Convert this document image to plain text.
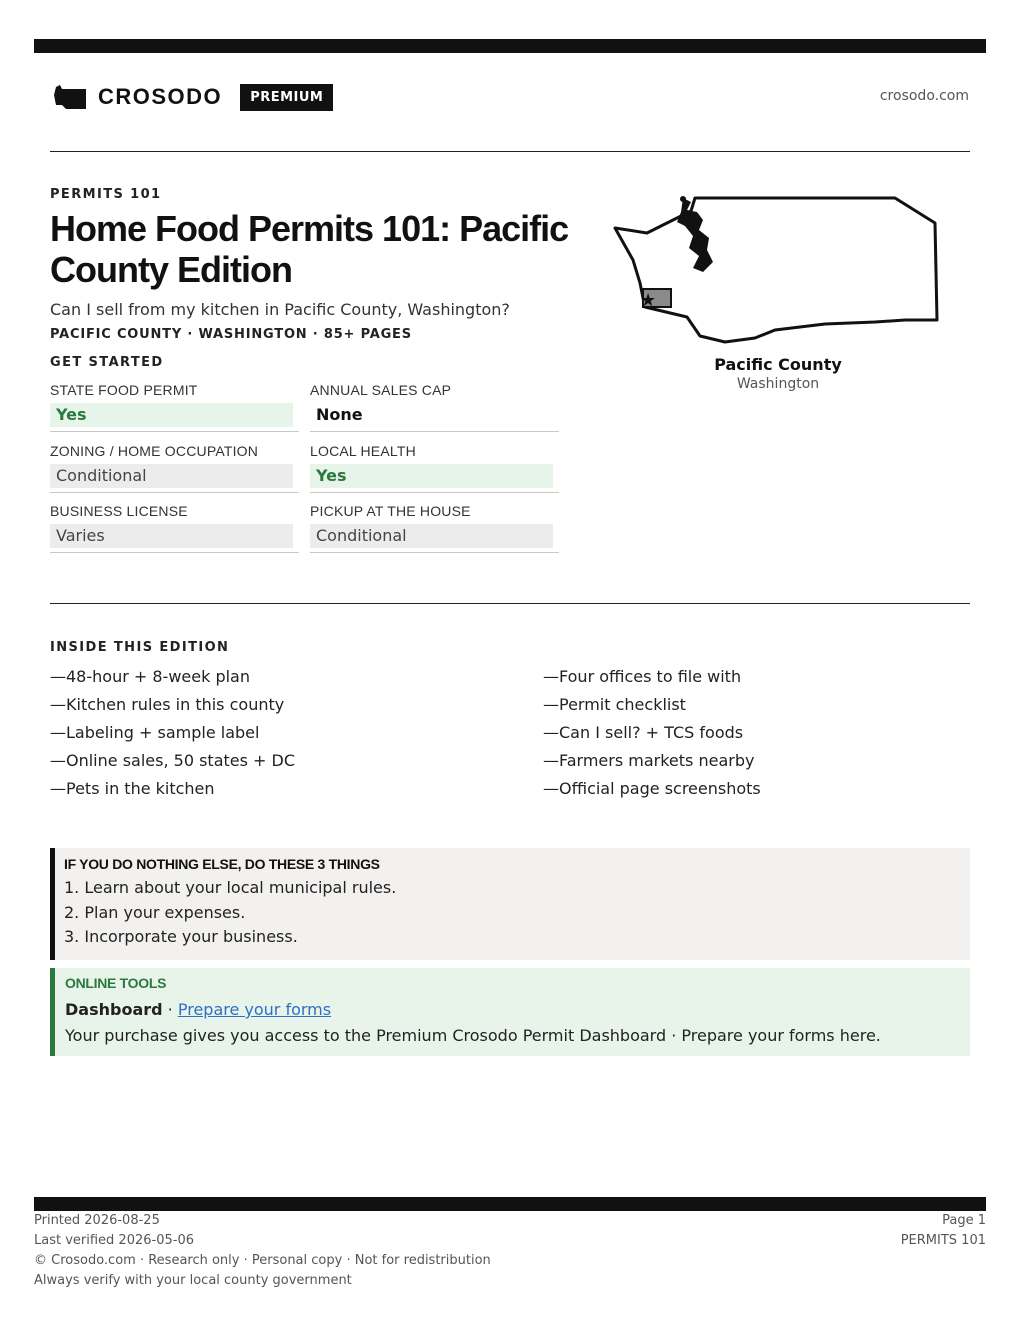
CROSODO	PREMIUM	crosodo.com
PERMITS 101
Home Food Permits 101: Pacific County Edition
Can I sell from my kitchen in Pacific County, Washington?
PACIFIC COUNTY · WASHINGTON · 85+ PAGES
GET STARTED
STATE FOOD PERMIT
Yes
ANNUAL SALES CAP
None
ZONING / HOME OCCUPATION
Conditional
LOCAL HEALTH
Yes
BUSINESS LICENSE
Varies
PICKUP AT THE HOUSE
Conditional
★
Pacific County
Washington
INSIDE THIS EDITION
—48-hour + 8-week plan
—Kitchen rules in this county
—Labeling + sample label
—Online sales, 50 states + DC
—Pets in the kitchen
—Four offices to file with
—Permit checklist
—Can I sell? + TCS foods
—Farmers markets nearby
—Official page screenshots
IF YOU DO NOTHING ELSE, DO THESE 3 THINGS
1. Learn about your local municipal rules.
2. Plan your expenses.
3. Incorporate your business.
ONLINE TOOLS
Dashboard · Prepare your forms
Your purchase gives you access to the Premium Crosodo Permit Dashboard · Prepare your forms here.
Printed 2026-08-25
Last verified 2026-05-06
© Crosodo.com · Research only · Personal copy · Not for redistribution
Always verify with your local county government
Page 1
PERMITS 101
